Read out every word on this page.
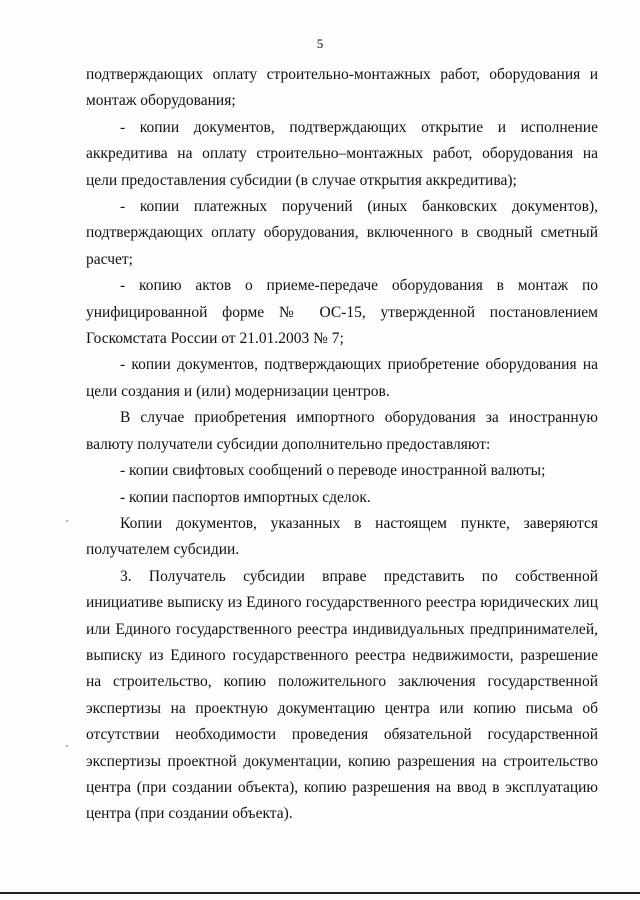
5

подтверждающих оплату строительно-монтажных работ, оборудования и монтаж оборудования;

- копии документов, подтверждающих открытие и исполнение аккредитива на оплату строительно–монтажных работ, оборудования на цели предоставления субсидии (в случае открытия аккредитива);

- копии платежных поручений (иных банковских документов), подтверждающих оплату оборудования, включенного в сводный сметный расчет;

- копию актов о приеме-передаче оборудования в монтаж по унифицированной форме № ОС-15, утвержденной постановлением Госкомстата России от 21.01.2003 № 7;

- копии документов, подтверждающих приобретение оборудования на цели создания и (или) модернизации центров.

В случае приобретения импортного оборудования за иностранную валюту получатели субсидии дополнительно предоставляют:

- копии свифтовых сообщений о переводе иностранной валюты;

- копии паспортов импортных сделок.

Копии документов, указанных в настоящем пункте, заверяются получателем субсидии.

3. Получатель субсидии вправе представить по собственной инициативе выписку из Единого государственного реестра юридических лиц или Единого государственного реестра индивидуальных предпринимателей, выписку из Единого государственного реестра недвижимости, разрешение на строительство, копию положительного заключения государственной экспертизы на проектную документацию центра или копию письма об отсутствии необходимости проведения обязательной государственной экспертизы проектной документации, копию разрешения на строительство центра (при создании объекта), копию разрешения на ввод в эксплуатацию центра (при создании объекта).
